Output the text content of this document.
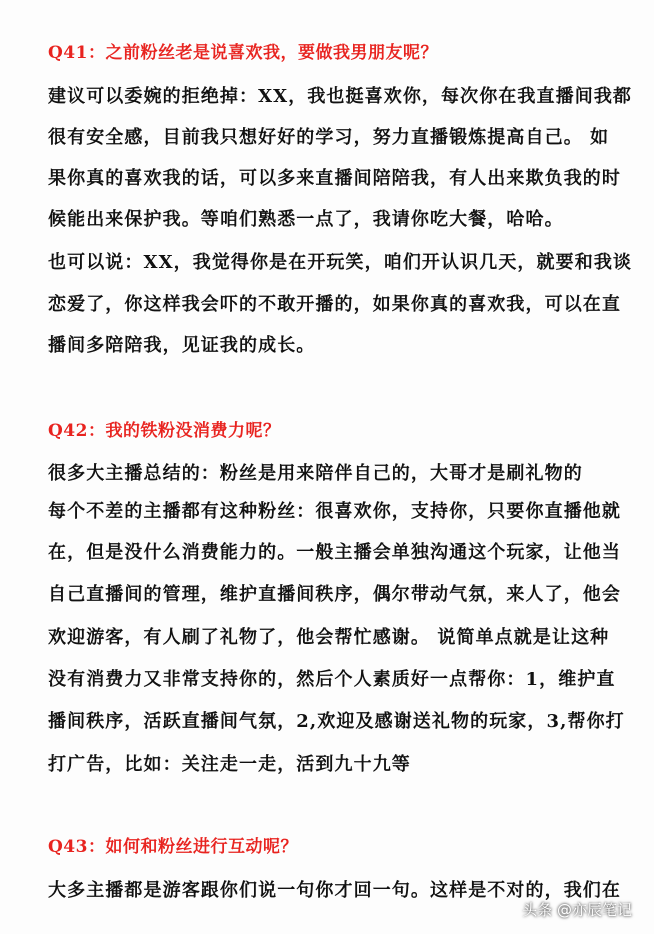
Q41：之前粉丝老是说喜欢我，要做我男朋友呢？
建议可以委婉的拒绝掉：XX，我也挺喜欢你，每次你在我直播间我都
很有安全感，目前我只想好好的学习，努力直播锻炼提高自己。 如
果你真的喜欢我的话，可以多来直播间陪陪我，有人出来欺负我的时
候能出来保护我。等咱们熟悉一点了，我请你吃大餐，哈哈。
也可以说：XX，我觉得你是在开玩笑，咱们开认识几天，就要和我谈
恋爱了，你这样我会吓的不敢开播的，如果你真的喜欢我，可以在直
播间多陪陪我，见证我的成长。
Q42：我的铁粉没消费力呢？
很多大主播总结的：粉丝是用来陪伴自己的，大哥才是刷礼物的
每个不差的主播都有这种粉丝：很喜欢你，支持你，只要你直播他就
在，但是没什么消费能力的。一般主播会单独沟通这个玩家，让他当
自己直播间的管理，维护直播间秩序，偶尔带动气氛，来人了，他会
欢迎游客，有人刷了礼物了，他会帮忙感谢。 说简单点就是让这种
没有消费力又非常支持你的，然后个人素质好一点帮你：1，维护直
播间秩序，活跃直播间气氛，2,欢迎及感谢送礼物的玩家，3,帮你打
打广告，比如：关注走一走，活到九十九等
Q43：如何和粉丝进行互动呢？
大多主播都是游客跟你们说一句你才回一句。这样是不对的，我们在
头条 @亦辰笔记
